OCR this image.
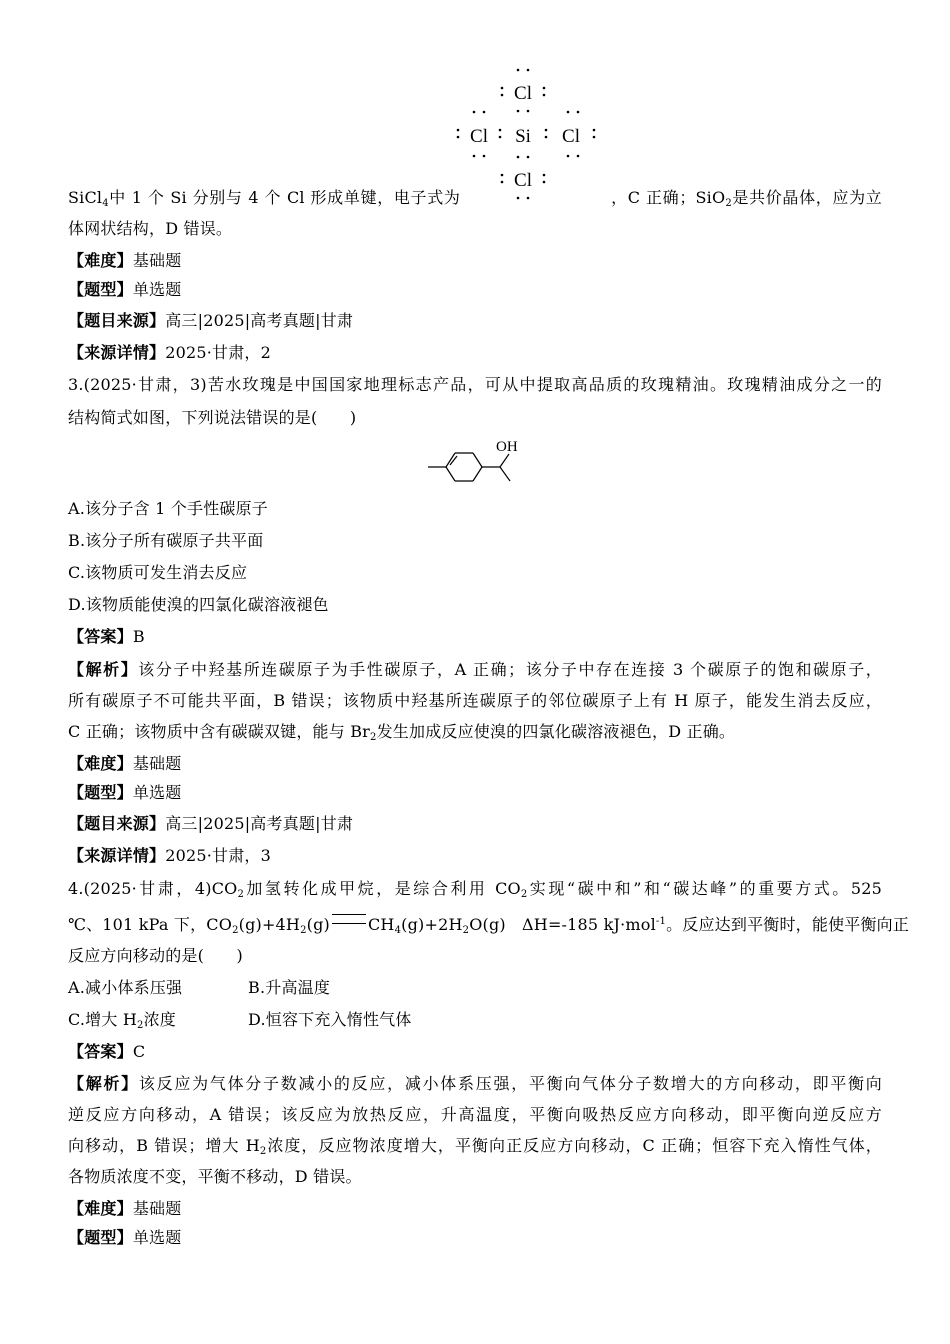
Cl
Cl Si Cl
Cl
SiCl$_4$中 1 个 Si 分别与 4 个 Cl 形成单键，电子式为	，C 正确；SiO$_2$是共价晶体，应为立
体网状结构，D 错误。
【难度】基础题
【题型】单选题
【题目来源】高三|2025|高考真题|甘肃
【来源详情】2025·甘肃，2
3.(2025·甘肃，3)苦水玫瑰是中国国家地理标志产品，可从中提取高品质的玫瑰精油。玫瑰精油成分之一的
结构简式如图，下列说法错误的是(　　)
OH
A.该分子含 1 个手性碳原子
B.该分子所有碳原子共平面
C.该物质可发生消去反应
D.该物质能使溴的四氯化碳溶液褪色
【答案】B
【解析】该分子中羟基所连碳原子为手性碳原子，A 正确；该分子中存在连接 3 个碳原子的饱和碳原子，
所有碳原子不可能共平面，B 错误；该物质中羟基所连碳原子的邻位碳原子上有 H 原子，能发生消去反应，
C 正确；该物质中含有碳碳双键，能与 $Br_2$发生加成反应使溴的四氯化碳溶液褪色，D 正确。
【难度】基础题
【题型】单选题
【题目来源】高三|2025|高考真题|甘肃
【来源详情】2025·甘肃，3
4.(2025·甘肃，$4)CO_2$加氢转化成甲烷，是综合利用 $CO_2$实现“碳中和”和“碳达峰”的重要方式。525
℃、101 kPa 下，$CO_2(g)+4H_2(g)$ $CH_4(g)+2H_2O(g)$　ΔH=-185 kJ·mol$^{-1}$。反应达到平衡时，能使平衡向正
反应方向移动的是(　　)
A.减小体系压强	B.升高温度
C.增大 $H_2$浓度	D.恒容下充入惰性气体
【答案】C
【解析】该反应为气体分子数减小的反应，减小体系压强，平衡向气体分子数增大的方向移动，即平衡向
逆反应方向移动，A 错误；该反应为放热反应，升高温度，平衡向吸热反应方向移动，即平衡向逆反应方
向移动，B 错误；增大 $H_2$浓度，反应物浓度增大，平衡向正反应方向移动，C 正确；恒容下充入惰性气体，
各物质浓度不变，平衡不移动，D 错误。
【难度】基础题
【题型】单选题
